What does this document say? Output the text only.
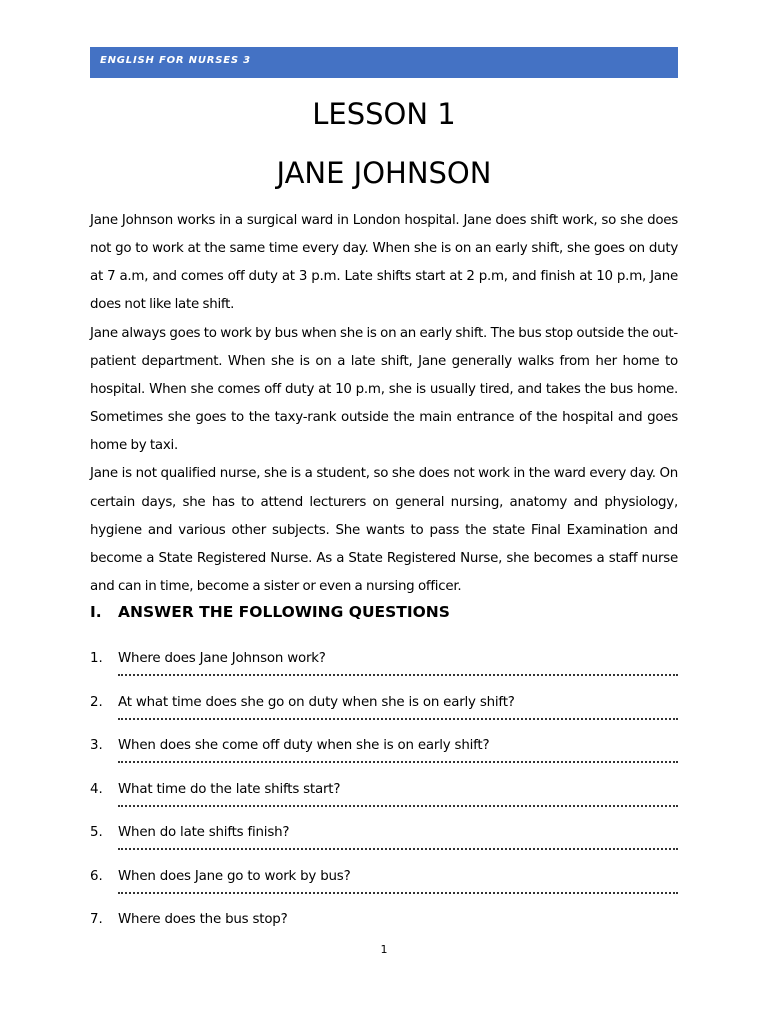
ENGLISH FOR NURSES 3
LESSON 1
JANE JOHNSON

Jane Johnson works in a surgical ward in London hospital. Jane does shift work, so she does not go to work at the same time every day. When she is on an early shift, she goes on duty at 7 a.m, and comes off duty at 3 p.m. Late shifts start at 2 p.m, and finish at 10 p.m, Jane does not like late shift.

Jane always goes to work by bus when she is on an early shift. The bus stop outside the out-patient department. When she is on a late shift, Jane generally walks from her home to hospital. When she comes off duty at 10 p.m, she is usually tired, and takes the bus home. Sometimes she goes to the taxy-rank outside the main entrance of the hospital and goes home by taxi.

Jane is not qualified nurse, she is a student, so she does not work in the ward every day. On certain days, she has to attend lecturers on general nursing, anatomy and physiology, hygiene and various other subjects. She wants to pass the state Final Examination and become a State Registered Nurse. As a State Registered Nurse, she becomes a staff nurse and can in time, become a sister or even a nursing officer.

I. ANSWER THE FOLLOWING QUESTIONS
1. Where does Jane Johnson work?
2. At what time does she go on duty when she is on early shift?
3. When does she come off duty when she is on early shift?
4. What time do the late shifts start?
5. When do late shifts finish?
6. When does Jane go to work by bus?
7. Where does the bus stop?
1
